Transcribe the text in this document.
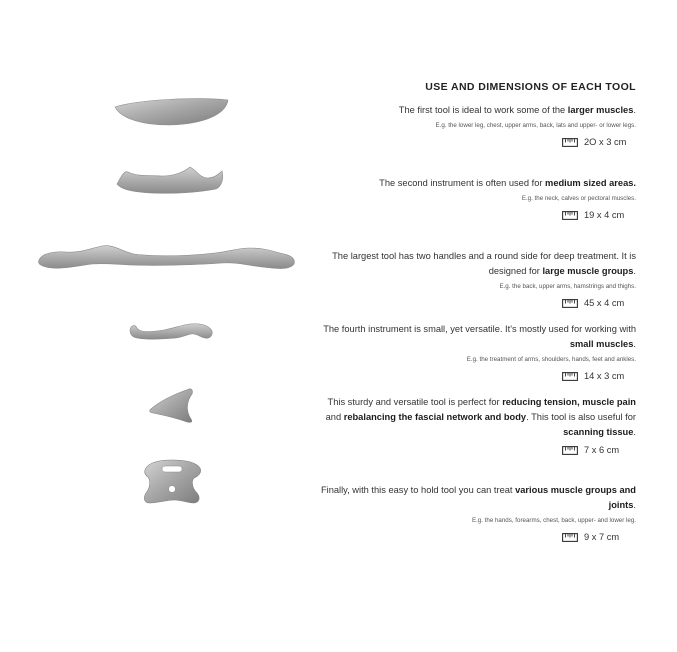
USE AND DIMENSIONS OF EACH TOOL
The first tool is ideal to work some of the larger muscles.
E.g. the lower leg, chest, upper arms, back, lats and upper- or lower legs.
2O x 3 cm
The second instrument is often used for medium sized areas.
E.g. the neck, calves or pectoral muscles.
19 x 4 cm
The largest tool has two handles and a round side for deep treatment. It is designed for large muscle groups.
E.g. the back, upper arms, hamstrings and thighs.
45 x 4 cm
The fourth instrument is small, yet versatile. It's mostly used for working with small muscles.
E.g. the treatment of arms, shoulders, hands, feet and ankles.
14 x 3 cm
This sturdy and versatile tool is perfect for reducing tension, muscle pain and rebalancing the fascial network and body. This tool is also useful for scanning tissue.
7 x 6 cm
Finally, with this easy to hold tool you can treat various muscle groups and joints.
E.g. the hands, forearms, chest, back, upper- and lower leg.
9 x 7 cm
